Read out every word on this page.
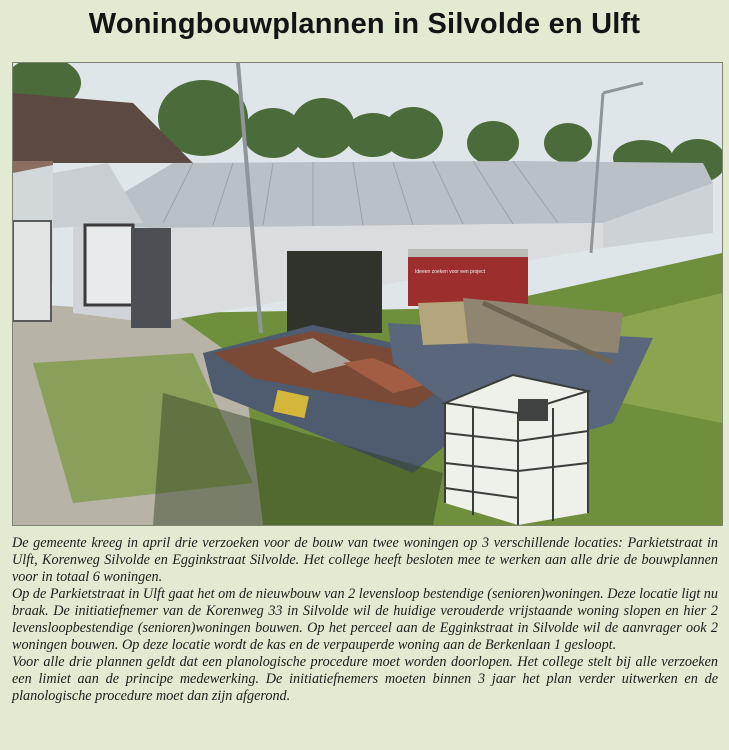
Woningbouwplannen in Silvolde en Ulft
Ideeen zoeken voor een project

De gemeente kreeg in april drie verzoeken voor de bouw van twee woningen op 3 verschillende locaties: Parkietstraat in Ulft, Korenweg Silvolde en Egginkstraat Silvolde. Het college heeft besloten mee te werken aan alle drie de bouwplannen voor in totaal 6 woningen.

Op de Parkietstraat in Ulft gaat het om de nieuwbouw van 2 levensloop bestendige (senioren)woningen. Deze locatie ligt nu braak. De initiatiefnemer van de Korenweg 33 in Silvolde wil de huidige verouderde vrijstaande woning slopen en hier 2 levensloopbestendige (senioren)woningen bouwen. Op het perceel aan de Egginkstraat in Silvolde wil de aanvrager ook 2 woningen bouwen. Op deze locatie wordt de kas en de verpauperde woning aan de Berkenlaan 1 gesloopt.

Voor alle drie plannen geldt dat een planologische procedure moet worden doorlopen. Het college stelt bij alle verzoeken een limiet aan de principe medewerking. De initiatiefnemers moeten binnen 3 jaar het plan verder uitwerken en de planologische procedure moet dan zijn afgerond.
